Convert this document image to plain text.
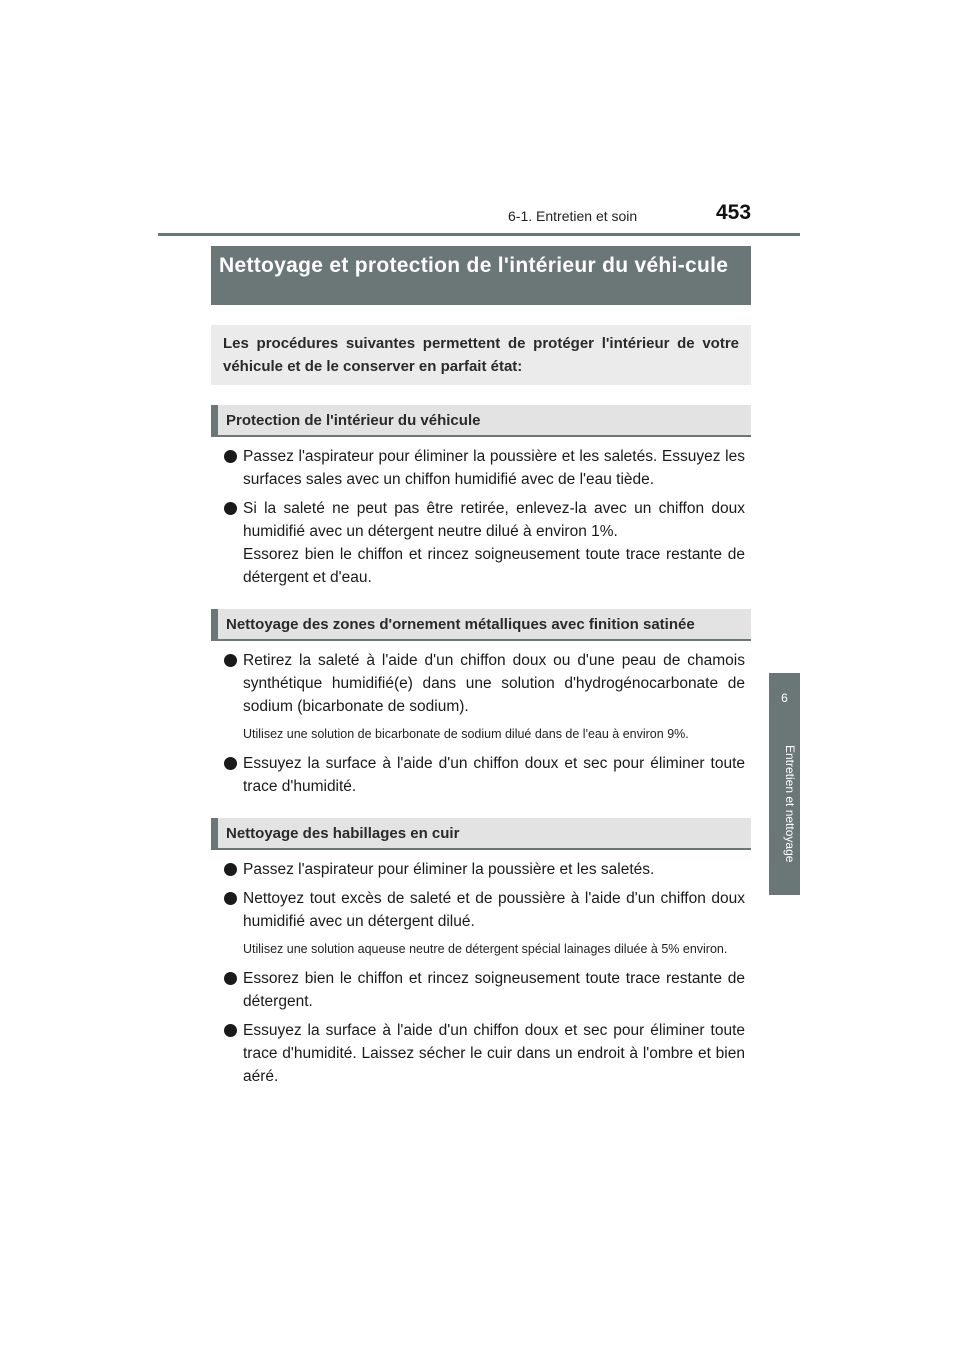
6-1. Entretien et soin	453
6
Entretien et nettoyage
Nettoyage et protection de l'intérieur du véhi-cule
Les procédures suivantes permettent de protéger l'intérieur de votre véhicule et de le conserver en parfait état:
Protection de l'intérieur du véhicule
Passez l'aspirateur pour éliminer la poussière et les saletés. Essuyez les surfaces sales avec un chiffon humidifié avec de l'eau tiède.
Si la saleté ne peut pas être retirée, enlevez-la avec un chiffon doux humidifié avec un détergent neutre dilué à environ 1%.
Essorez bien le chiffon et rincez soigneusement toute trace restante de détergent et d'eau.
Nettoyage des zones d'ornement métalliques avec finition satinée
Retirez la saleté à l'aide d'un chiffon doux ou d'une peau de chamois synthétique humidifié(e) dans une solution d'hydrogénocarbonate de sodium (bicarbonate de sodium).
Utilisez une solution de bicarbonate de sodium dilué dans de l'eau à environ 9%.
Essuyez la surface à l'aide d'un chiffon doux et sec pour éliminer toute trace d'humidité.
Nettoyage des habillages en cuir
Passez l'aspirateur pour éliminer la poussière et les saletés.
Nettoyez tout excès de saleté et de poussière à l'aide d'un chiffon doux humidifié avec un détergent dilué.
Utilisez une solution aqueuse neutre de détergent spécial lainages diluée à 5% environ.
Essorez bien le chiffon et rincez soigneusement toute trace restante de détergent.
Essuyez la surface à l'aide d'un chiffon doux et sec pour éliminer toute trace d'humidité. Laissez sécher le cuir dans un endroit à l'ombre et bien aéré.
